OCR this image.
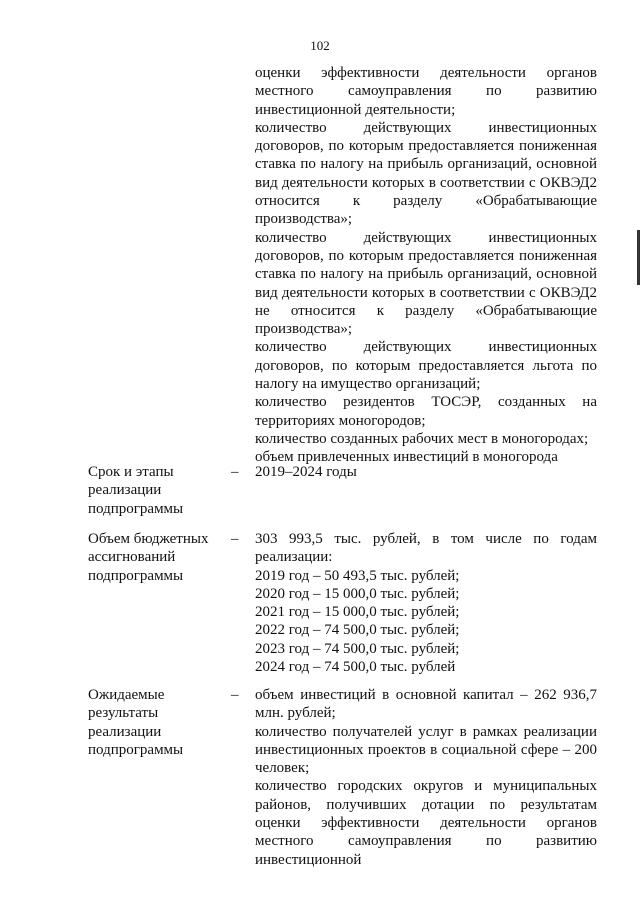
102
оценки эффективности деятельности органов местного самоуправления по развитию инвестиционной деятельности;
количество действующих инвестиционных договоров, по которым предоставляется пониженная ставка по налогу на прибыль организаций, основной вид деятельности которых в соответствии с ОКВЭД2 относится к разделу «Обрабатывающие производства»;
количество действующих инвестиционных договоров, по которым предоставляется пониженная ставка по налогу на прибыль организаций, основной вид деятельности которых в соответствии с ОКВЭД2 не относится к разделу «Обрабатывающие производства»;
количество действующих инвестиционных договоров, по которым предоставляется льгота по налогу на имущество организаций;
количество резидентов ТОСЭР, созданных на территориях моногородов;
количество созданных рабочих мест в моногородах;
объем привлеченных инвестиций в моногорода
Срок и этапы реализации подпрограммы
– 2019–2024 годы
Объем бюджетных ассигнований подпрограммы
– 303 993,5 тыс. рублей, в том числе по годам реализации:
2019 год – 50 493,5 тыс. рублей;
2020 год – 15 000,0 тыс. рублей;
2021 год – 15 000,0 тыс. рублей;
2022 год – 74 500,0 тыс. рублей;
2023 год – 74 500,0 тыс. рублей;
2024 год – 74 500,0 тыс. рублей
Ожидаемые результаты реализации подпрограммы
– объем инвестиций в основной капитал – 262 936,7 млн. рублей;
количество получателей услуг в рамках реализации инвестиционных проектов в социальной сфере – 200 человек;
количество городских округов и муниципальных районов, получивших дотации по результатам оценки эффективности деятельности органов местного самоуправления по развитию инвестиционной
